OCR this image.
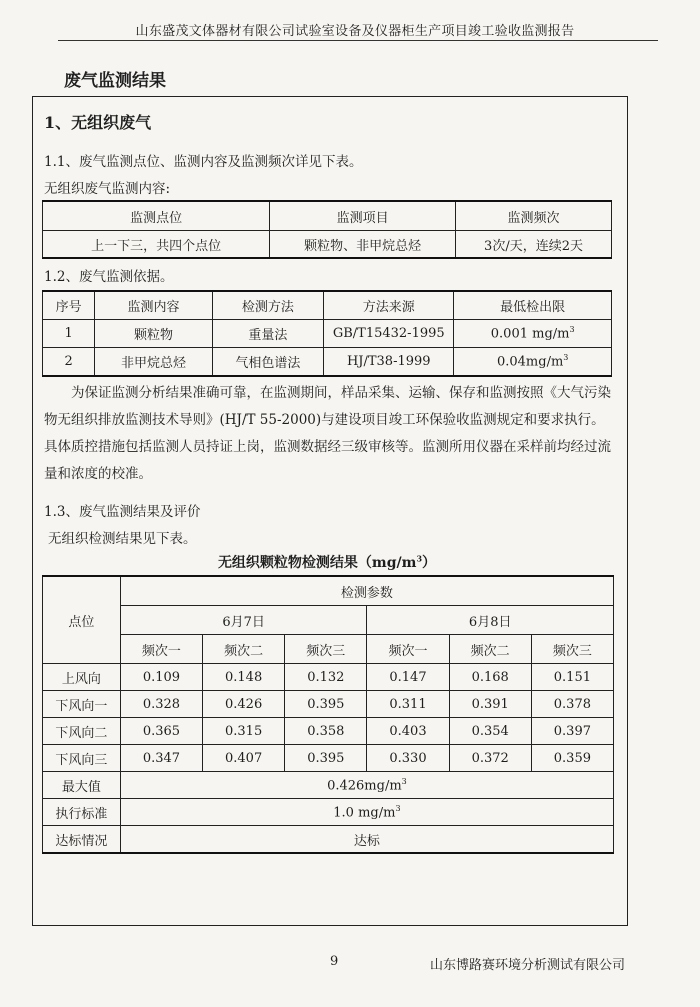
山东盛茂文体器材有限公司试验室设备及仪器柜生产项目竣工验收监测报告
废气监测结果
1、无组织废气
1.1、废气监测点位、监测内容及监测频次详见下表。
无组织废气监测内容:
监测点位	监测项目	监测频次
上一下三，共四个点位	颗粒物、非甲烷总烃	3次/天，连续2天
1.2、废气监测依据。
序号	监测内容	检测方法	方法来源	最低检出限
1	颗粒物	重量法	GB/T15432-1995	0.001 $mg/m^3$
2	非甲烷总烃	气相色谱法	HJ/T38-1999	$0.04mg/m^3$
为保证监测分析结果准确可靠，在监测期间，样品采集、运输、保存和监测按照《大气污染物无组织排放监测技术导则》(HJ/T 55-2000)与建设项目竣工环保验收监测规定和要求执行。具体质控措施包括监测人员持证上岗，监测数据经三级审核等。监测所用仪器在采样前均经过流量和浓度的校准。
1.3、废气监测结果及评价
无组织检测结果见下表。
无组织颗粒物检测结果$(mg/m^3)$
点位	检测参数					
	6月7日			6月8日		
	频次一	频次二	频次三	频次一	频次二	频次三
上风向	0.109	0.148	0.132	0.147	0.168	0.151
下风向一	0.328	0.426	0.395	0.311	0.391	0.378
下风向二	0.365	0.315	0.358	0.403	0.354	0.397
下风向三	0.347	0.407	0.395	0.330	0.372	0.359
最大值	$0.426mg/m^3$
执行标准	1.0 $mg/m^3$
达标情况	达标					
9	山东博路赛环境分析测试有限公司
